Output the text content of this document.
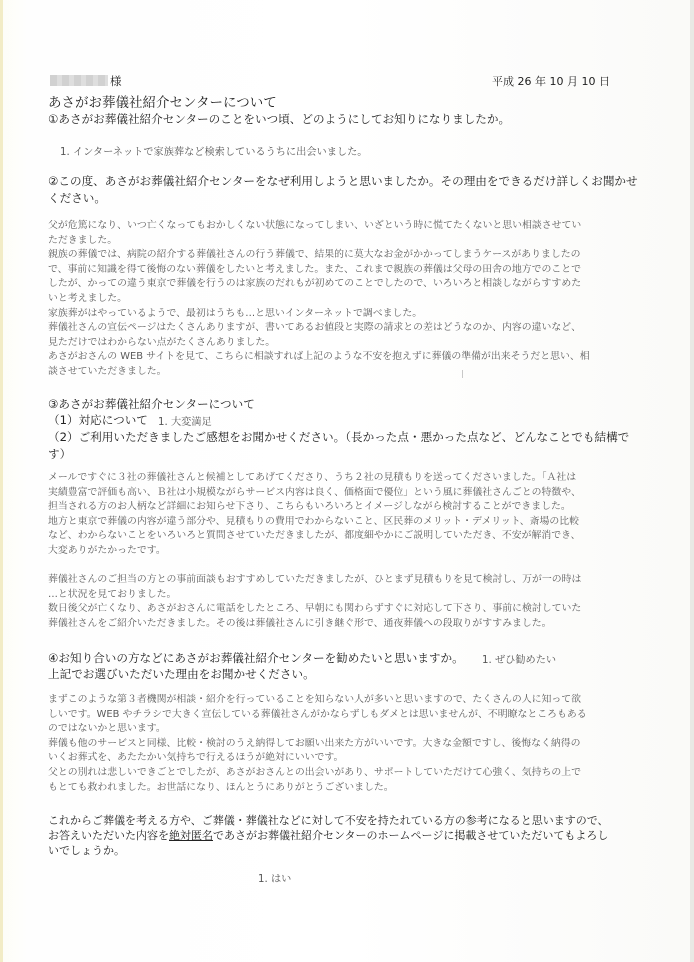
様	平成 26 年 10 月 10 日
あさがお葬儀社紹介センターについて
①あさがお葬儀社紹介センターのことをいつ頃、どのようにしてお知りになりましたか。
1. インターネットで家族葬など検索しているうちに出会いました。
②この度、あさがお葬儀社紹介センターをなぜ利用しようと思いましたか。その理由をできるだけ詳しくお聞かせ
ください。

父が危篤になり、いつ亡くなってもおかしくない状態になってしまい、いざという時に慌てたくないと思い相談させてい

ただきました。

親族の葬儀では、病院の紹介する葬儀社さんの行う葬儀で、結果的に莫大なお金がかかってしまうケースがありましたの

で、事前に知識を得て後悔のない葬儀をしたいと考えました。また、これまで親族の葬儀は父母の田舎の地方でのことで

したが、かっての違う東京で葬儀を行うのは家族のだれもが初めてのことでしたので、いろいろと相談しながらすすめた

いと考えました。

家族葬がはやっているようで、最初はうちも…と思いインターネットで調べました。

葬儀社さんの宣伝ページはたくさんありますが、書いてあるお値段と実際の請求との差はどうなのか、内容の違いなど、

見ただけではわからない点がたくさんありました。

あさがおさんの WEB サイトを見て、こちらに相談すれば上記のような不安を抱えずに葬儀の準備が出来そうだと思い、相

談させていただきました。

③あさがお葬儀社紹介センターについて
（1）対応について 1. 大変満足
（2）ご利用いただきましたご感想をお聞かせください。（長かった点・悪かった点など、どんなことでも結構で
す）

メールですぐに３社の葬儀社さんと候補としてあげてくださり、うち２社の見積もりを送ってくださいました。「Ａ社は

実績豊富で評価も高い、Ｂ社は小規模ながらサービス内容は良く、価格面で優位」という風に葬儀社さんごとの特徴や、

担当される方のお人柄など詳細にお知らせ下さり、こちらもいろいろとイメージしながら検討することができました。

地方と東京で葬儀の内容が違う部分や、見積もりの費用でわからないこと、区民葬のメリット・デメリット、斎場の比較

など、わからないことをいろいろと質問させていただきましたが、都度細やかにご説明していただき、不安が解消でき、

大変ありがたかったです。

葬儀社さんのご担当の方との事前面談もおすすめしていただきましたが、ひとまず見積もりを見て検討し、万が一の時は

…と状況を見ておりました。

数日後父が亡くなり、あさがおさんに電話をしたところ、早朝にも関わらずすぐに対応して下さり、事前に検討していた

葬儀社さんをご紹介いただきました。その後は葬儀社さんに引き継ぐ形で、通夜葬儀への段取りがすすみました。

④お知り合いの方などにあさがお葬儀社紹介センターを勧めたいと思いますか。 1. ぜひ勧めたい
上記でお選びいただいた理由をお聞かせください。

まずこのような第３者機関が相談・紹介を行っていることを知らない人が多いと思いますので、たくさんの人に知って欲

しいです。WEB やチラシで大きく宣伝している葬儀社さんがかならずしもダメとは思いませんが、不明瞭なところもある

のではないかと思います。

葬儀も他のサービスと同様、比較・検討のうえ納得してお願い出来た方がいいです。大きな金額ですし、後悔なく納得の

いくお葬式を、あたたかい気持ちで行えるほうが絶対にいいです。

父との別れは悲しいできごとでしたが、あさがおさんとの出会いがあり、サポートしていただけて心強く、気持ちの上で

もとても救われました。お世話になり、ほんとうにありがとうございました。

これからご葬儀を考える方や、ご葬儀・葬儀社などに対して不安を持たれている方の参考になると思いますので、

お答えいただいた内容を絶対匿名であさがお葬儀社紹介センターのホームページに掲載させていただいてもよろし

いでしょうか。

1. はい
